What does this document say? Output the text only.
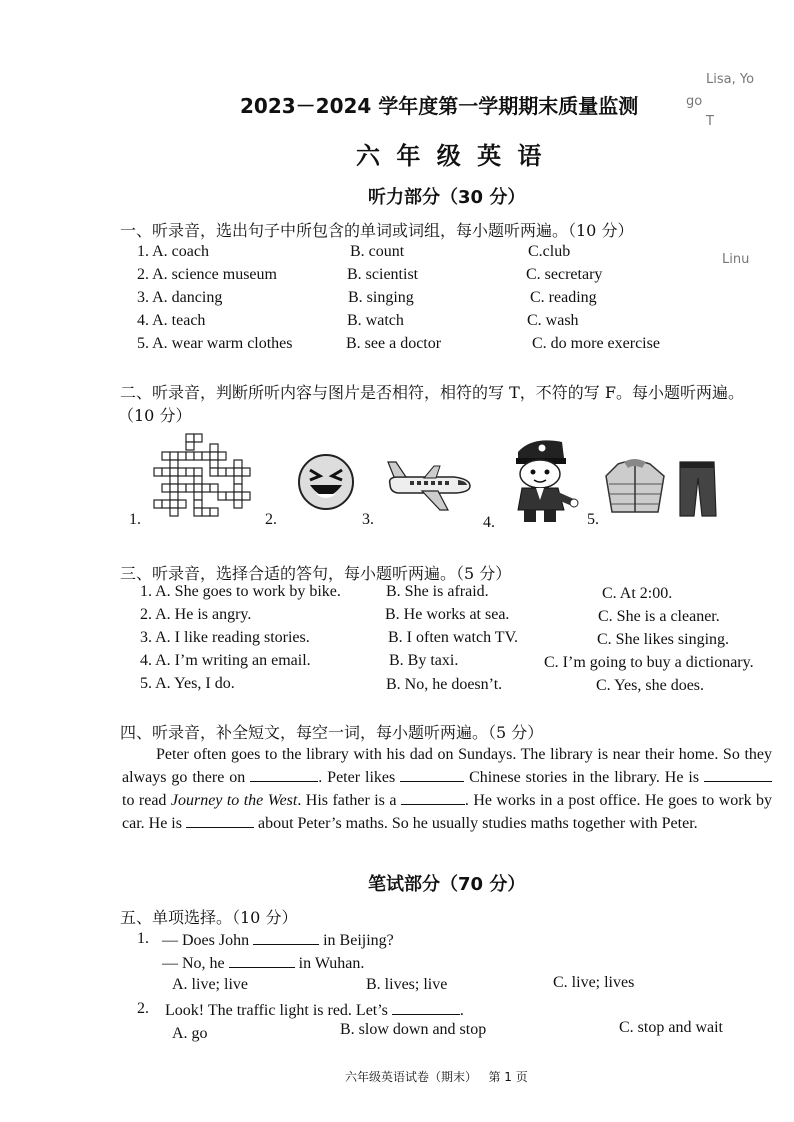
Lisa, Yo
go
T
Linu
2023－2024 学年度第一学期期末质量监测
六 年 级 英 语
听力部分（30 分）
一、听录音，选出句子中所包含的单词或词组，每小题听两遍。（10 分）
1. A. coach	B. count	C.club
2. A. science museum	B. scientist	C. secretary
3. A. dancing	B. singing	C. reading
4. A. teach	B. watch	C. wash
5. A. wear warm clothes	B. see a doctor	C. do more exercise
二、听录音，判断所听内容与图片是否相符，相符的写 T，不符的写 F。每小题听两遍。
（10 分）
1.	2.	3.	4.	5.
三、听录音，选择合适的答句，每小题听两遍。（5 分）
1. A. She goes to work by bike.	B. She is afraid.	C. At 2:00.
2. A. He is angry.	B. He works at sea.	C. She is a cleaner.
3. A. I like reading stories.	B. I often watch TV.	C. She likes singing.
4. A. I’m writing an email.	B. By taxi.	C. I’m going to buy a dictionary.
5. A. Yes, I do.	B. No, he doesn’t.	C. Yes, she does.
四、听录音，补全短文，每空一词，每小题听两遍。（5 分）
Peter often goes to the library with his dad on Sundays. The library is near their home. So they always go there on	. Peter likes	Chinese stories in the library. He is  to read Journey to the West. His father is a	. He works in a post office. He goes to work by car. He is	about Peter’s maths. So he usually studies maths together with Peter.
笔试部分（70 分）
五、单项选择。（10 分）
1. — Does John	in Beijing?
— No, he	in Wuhan.
A. live; live	B. lives; live	C. live; lives
2. Look! The traffic light is red. Let’s	.
A. go	B. slow down and stop	C. stop and wait
六年级英语试卷（期末）   第 1 页
